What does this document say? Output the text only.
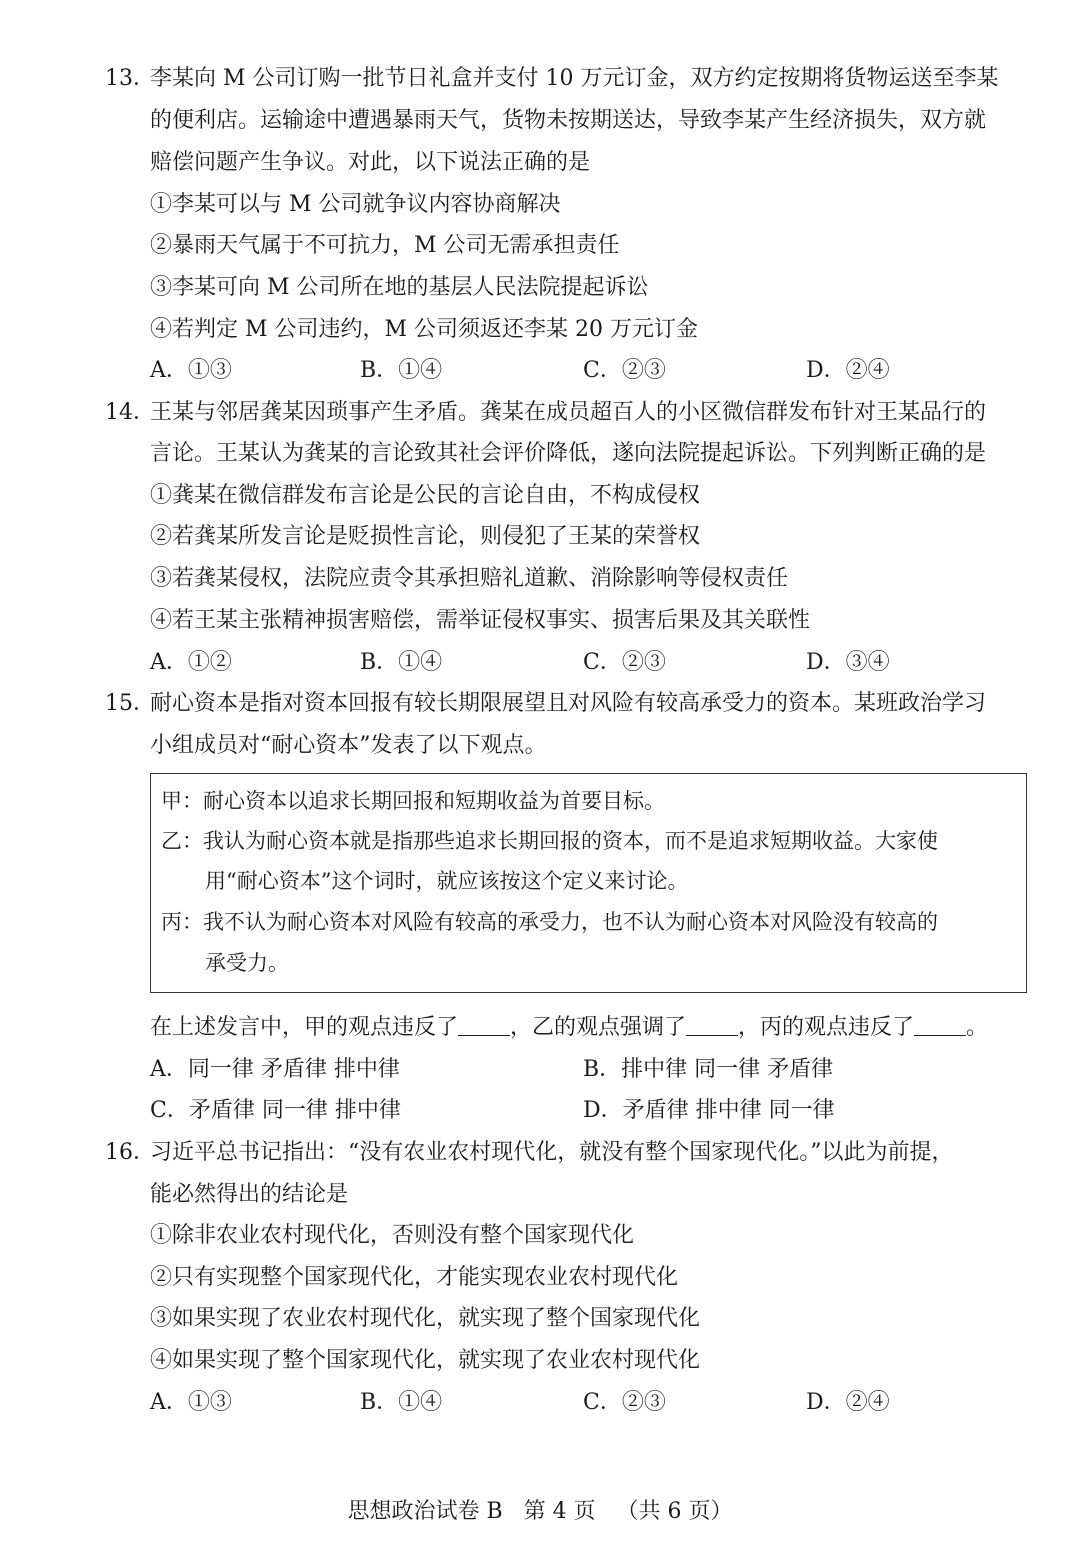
13．
李某向 M 公司订购一批节日礼盒并支付 10 万元订金，双方约定按期将货物运送至李某
的便利店。运输途中遭遇暴雨天气，货物未按期送达，导致李某产生经济损失，双方就
赔偿问题产生争议。对此，以下说法正确的是
①李某可以与 M 公司就争议内容协商解决
②暴雨天气属于不可抗力，M 公司无需承担责任
③李某可向 M 公司所在地的基层人民法院提起诉讼
④若判定 M 公司违约，M 公司须返还李某 20 万元订金
A．①③	B．①④	C．②③	D．②④
14．
王某与邻居龚某因琐事产生矛盾。龚某在成员超百人的小区微信群发布针对王某品行的
言论。王某认为龚某的言论致其社会评价降低，遂向法院提起诉讼。下列判断正确的是
①龚某在微信群发布言论是公民的言论自由，不构成侵权
②若龚某所发言论是贬损性言论，则侵犯了王某的荣誉权
③若龚某侵权，法院应责令其承担赔礼道歉、消除影响等侵权责任
④若王某主张精神损害赔偿，需举证侵权事实、损害后果及其关联性
A．①②	B．①④	C．②③	D．③④
15．
耐心资本是指对资本回报有较长期限展望且对风险有较高承受力的资本。某班政治学习
小组成员对“耐心资本”发表了以下观点。
甲：耐心资本以追求长期回报和短期收益为首要目标。
乙：我认为耐心资本就是指那些追求长期回报的资本，而不是追求短期收益。大家使
用“耐心资本”这个词时，就应该按这个定义来讨论。
丙：我不认为耐心资本对风险有较高的承受力，也不认为耐心资本对风险没有较高的
承受力。
在上述发言中，甲的观点违反了 ，乙的观点强调了 ，丙的观点违反了 。
A．同一律 矛盾律 排中律	B．排中律 同一律 矛盾律
C．矛盾律 同一律 排中律	D．矛盾律 排中律 同一律
16．
习近平总书记指出：“没有农业农村现代化，就没有整个国家现代化。”以此为前提，
能必然得出的结论是
①除非农业农村现代化，否则没有整个国家现代化
②只有实现整个国家现代化，才能实现农业农村现代化
③如果实现了农业农村现代化，就实现了整个国家现代化
④如果实现了整个国家现代化，就实现了农业农村现代化
A．①③	B．①④	C．②③	D．②④
思想政治试卷 B   第 4 页   （共 6 页）
